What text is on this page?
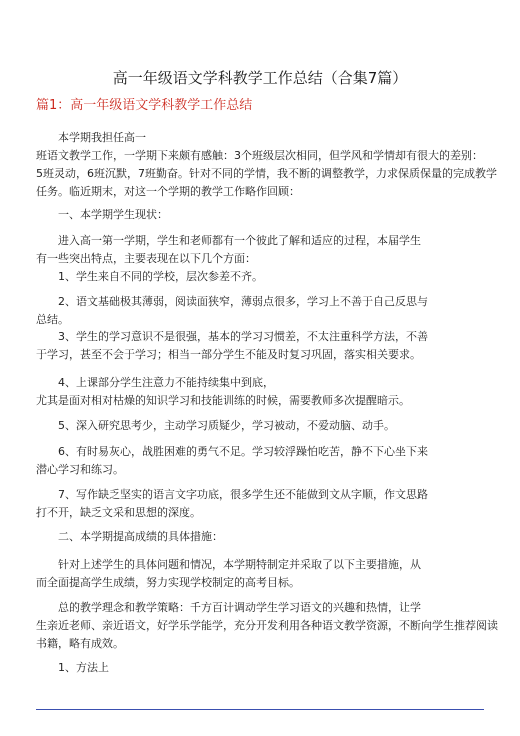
高一年级语文学科教学工作总结（合集7篇）
篇1：高一年级语文学科教学工作总结
　　本学期我担任高一
班语文教学工作，一学期下来颇有感触：3个班级层次相同，但学风和学情却有很大的差别：
5班灵动，6班沉默，7班勤奋。针对不同的学情，我不断的调整教学，力求保质保量的完成教学
任务。临近期末，对这一个学期的教学工作略作回顾：
　　一、本学期学生现状：
　　进入高一第一学期，学生和老师都有一个彼此了解和适应的过程，本届学生
有一些突出特点，主要表现在以下几个方面：
　　1、学生来自不同的学校，层次参差不齐。
　　2、语文基础极其薄弱，阅读面狭窄，薄弱点很多，学习上不善于自己反思与
总结。
　　3、学生的学习意识不是很强，基本的学习习惯差，不太注重科学方法，不善
于学习，甚至不会于学习；相当一部分学生不能及时复习巩固，落实相关要求。
　　4、上课部分学生注意力不能持续集中到底，
尤其是面对相对枯燥的知识学习和技能训练的时候，需要教师多次提醒暗示。
　　5、深入研究思考少，主动学习质疑少，学习被动，不爱动脑、动手。
　　6、有时易灰心，战胜困难的勇气不足。学习较浮躁怕吃苦，静不下心坐下来
潜心学习和练习。
　　7、写作缺乏坚实的语言文字功底，很多学生还不能做到文从字顺，作文思路
打不开，缺乏文采和思想的深度。
　　二、本学期提高成绩的具体措施：
　　针对上述学生的具体问题和情况，本学期特制定并采取了以下主要措施，从
而全面提高学生成绩，努力实现学校制定的高考目标。
　　总的教学理念和教学策略：千方百计调动学生学习语文的兴趣和热情，让学
生亲近老师、亲近语文，好学乐学能学，充分开发利用各种语文教学资源，不断向学生推荐阅读
书籍，略有成效。
　　1、方法上
